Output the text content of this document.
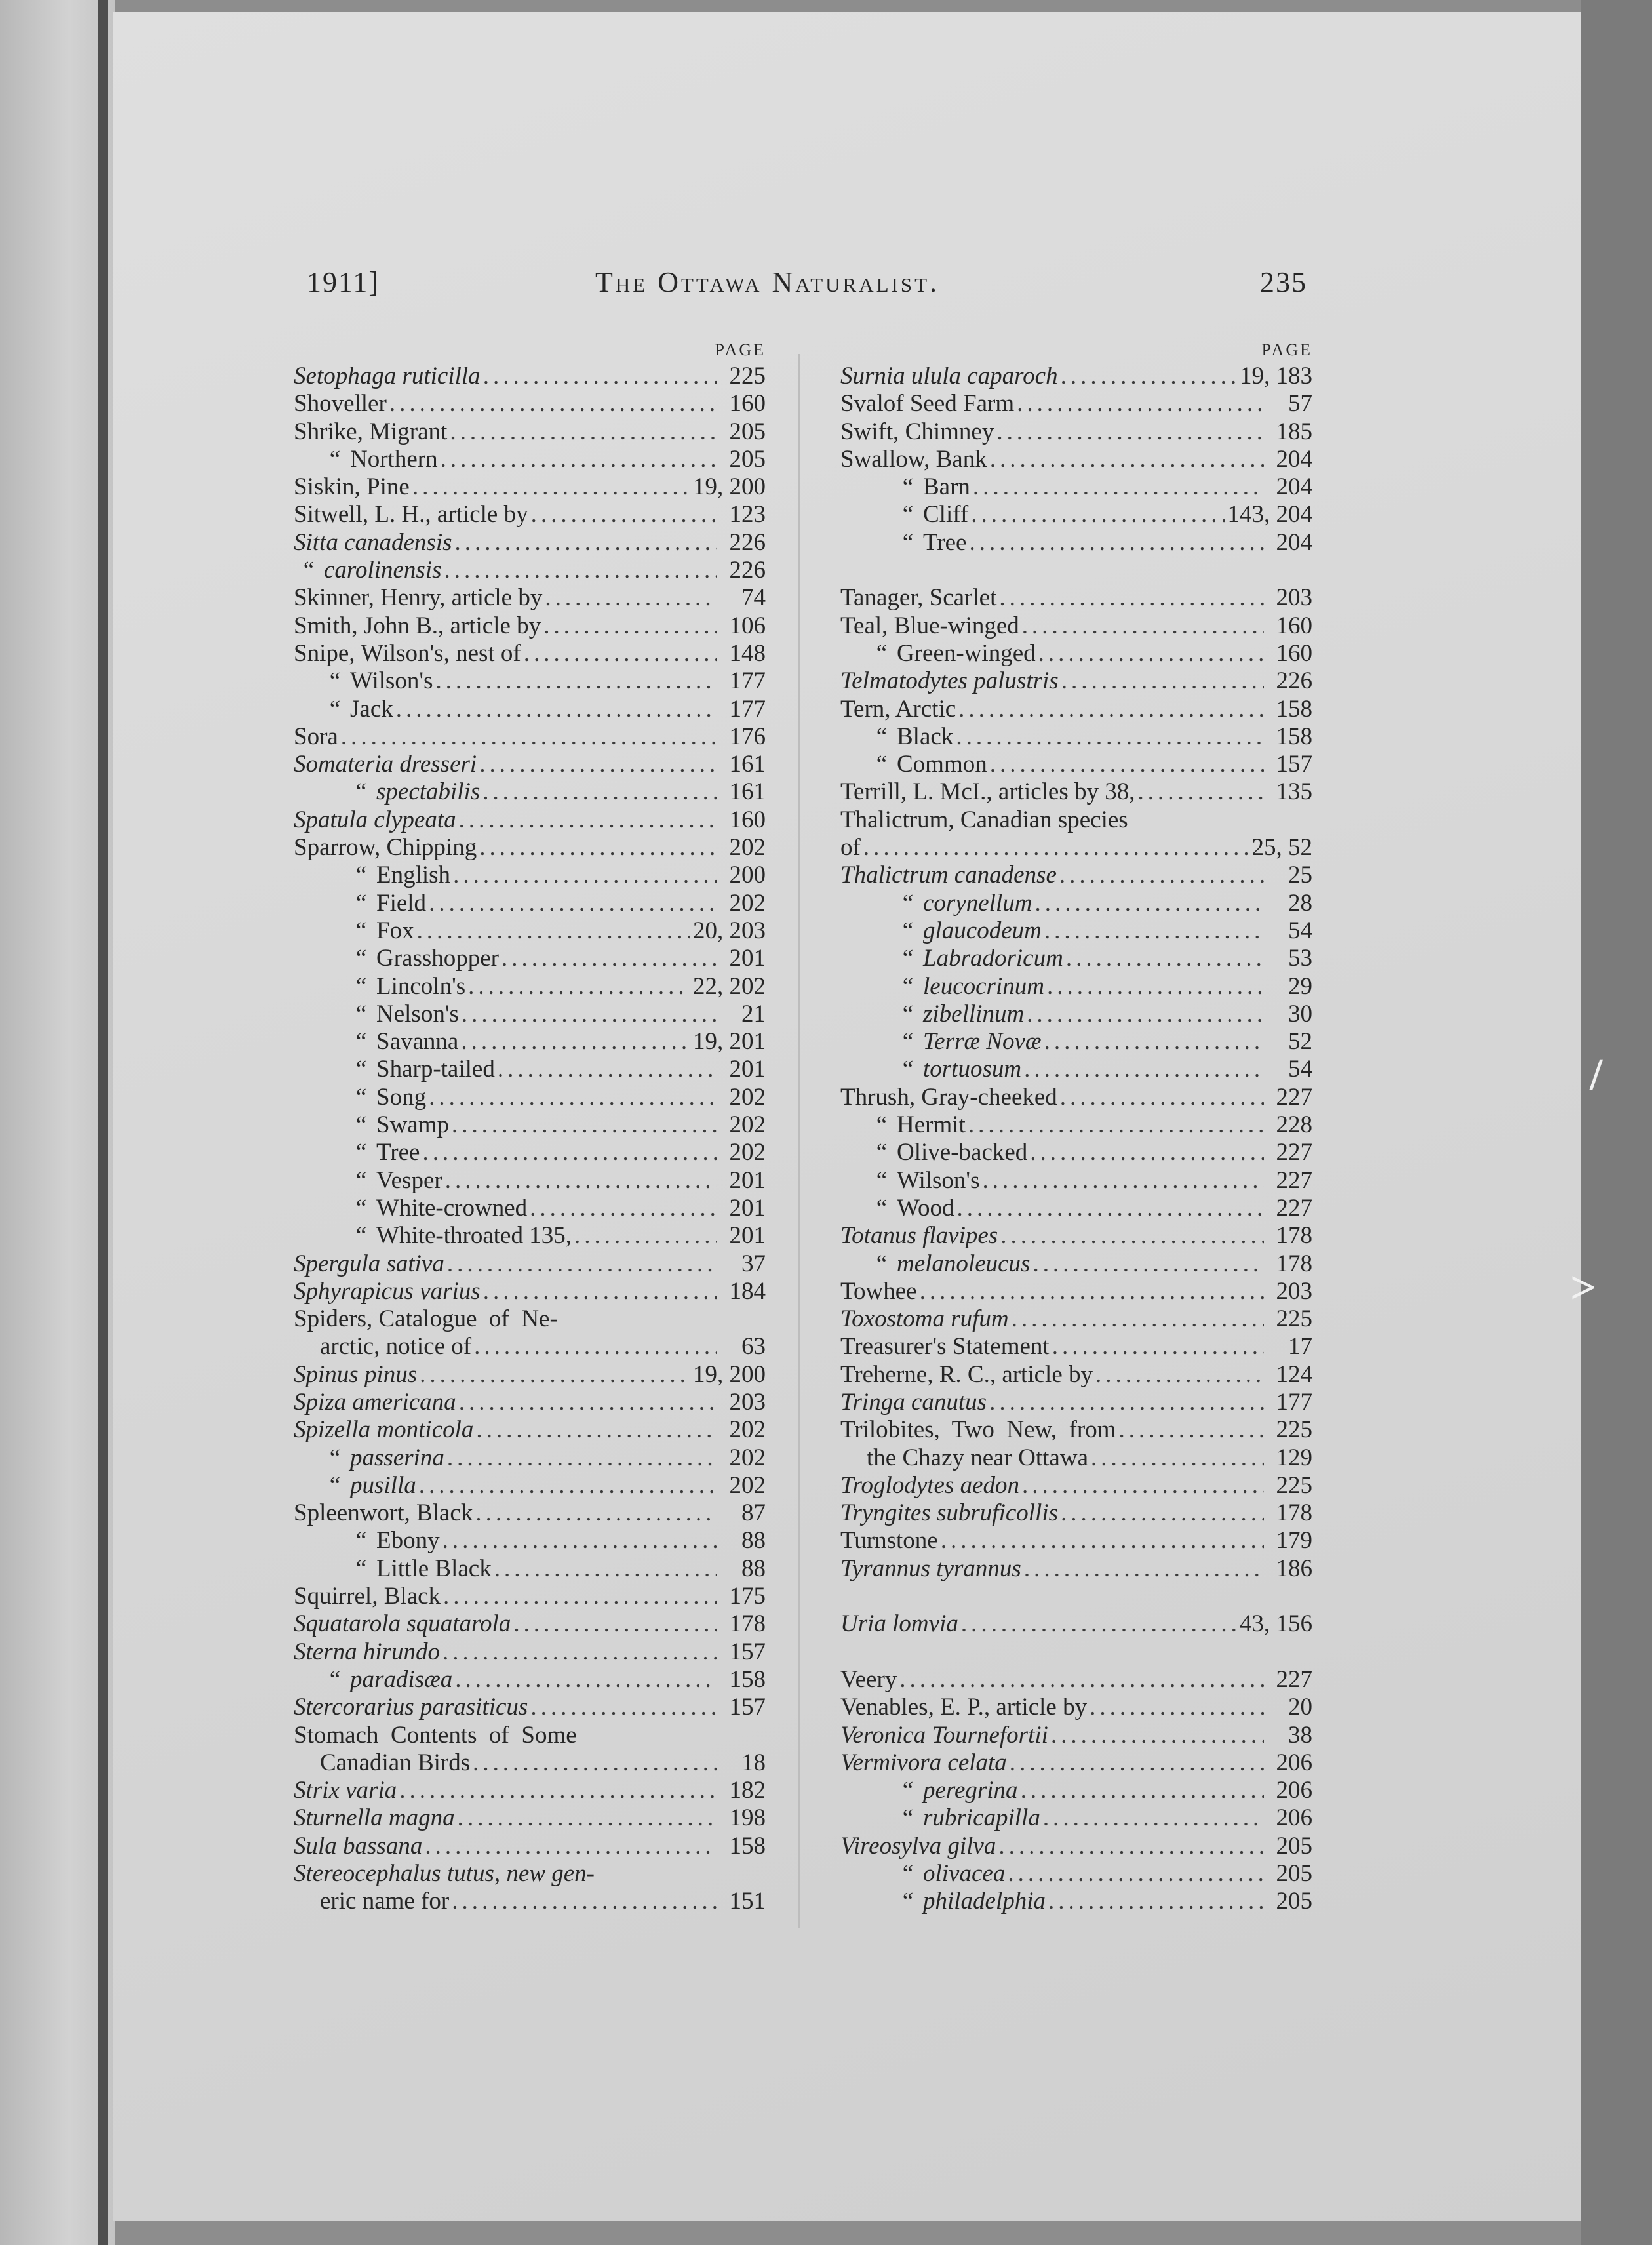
/
>
1911]	The Ottawa Naturalist.	235
PAGE
Setophaga ruticilla .....	225
Shoveller .....	160
Shrike, Migrant .....	205
“ Northern .....	205
Siskin, Pine .....	19, 200
Sitwell, L. H., article by .....	123
Sitta canadensis .....	226
“ carolinensis .....	226
Skinner, Henry, article by .....	74
Smith, John B., article by .....	106
Snipe, Wilson's, nest of .....	148
“ Wilson's .....	177
“ Jack .....	177
Sora .....	176
Somateria dresseri .....	161
“ spectabilis .....	161
Spatula clypeata .....	160
Sparrow, Chipping .....	202
“ English .....	200
“ Field .....	202
“ Fox .....	20, 203
“ Grasshopper .....	201
“ Lincoln's .....	22, 202
“ Nelson's .....	21
“ Savanna .....	19, 201
“ Sharp-tailed .....	201
“ Song .....	202
“ Swamp .....	202
“ Tree .....	202
“ Vesper .....	201
“ White-crowned .....	201
“ White-throated 135, .....	201
Spergula sativa .....	37
Sphyrapicus varius .....	184
Spiders, Catalogue  of  Ne-
arctic, notice of .....	63
Spinus pinus .....	19, 200
Spiza americana .....	203
Spizella monticola .....	202
“ passerina .....	202
“ pusilla .....	202
Spleenwort, Black .....	87
“ Ebony .....	88
“ Little Black .....	88
Squirrel, Black .....	175
Squatarola squatarola .....	178
Sterna hirundo .....	157
“ paradisæa .....	158
Stercorarius parasiticus .....	157
Stomach  Contents  of  Some
Canadian Birds .....	18
Strix varia .....	182
Sturnella magna .....	198
Sula bassana .....	158
Stereocephalus tutus, new gen-
eric name for .....	151
PAGE
Surnia ulula caparoch .....	19, 183
Svalof Seed Farm .....	57
Swift, Chimney .....	185
Swallow, Bank .....	204
“ Barn .....	204
“ Cliff .....	143, 204
“ Tree .....	204
Tanager, Scarlet .....	203
Teal, Blue-winged .....	160
“ Green-winged .....	160
Telmatodytes palustris .....	226
Tern, Arctic .....	158
“ Black .....	158
“ Common .....	157
Terrill, L. McI., articles by 38, .....	135
Thalictrum, Canadian species
of .....	25, 52
Thalictrum canadense .....	25
“ corynellum .....	28
“ glaucodeum .....	54
“ Labradoricum .....	53
“ leucocrinum .....	29
“ zibellinum .....	30
“ Terræ Novæ .....	52
“ tortuosum .....	54
Thrush, Gray-cheeked .....	227
“ Hermit .....	228
“ Olive-backed .....	227
“ Wilson's .....	227
“ Wood .....	227
Totanus flavipes .....	178
“ melanoleucus .....	178
Towhee .....	203
Toxostoma rufum .....	225
Treasurer's Statement .....	17
Treherne, R. C., article by .....	124
Tringa canutus .....	177
Trilobites,  Two  New,  from .....	225
the Chazy near Ottawa .....	129
Troglodytes aedon .....	225
Tryngites subruficollis .....	178
Turnstone .....	179
Tyrannus tyrannus .....	186
Uria lomvia .....	43, 156
Veery .....	227
Venables, E. P., article by .....	20
Veronica Tournefortii .....	38
Vermivora celata .....	206
“ peregrina .....	206
“ rubricapilla .....	206
Vireosylva gilva .....	205
“ olivacea .....	205
“ philadelphia .....	205
